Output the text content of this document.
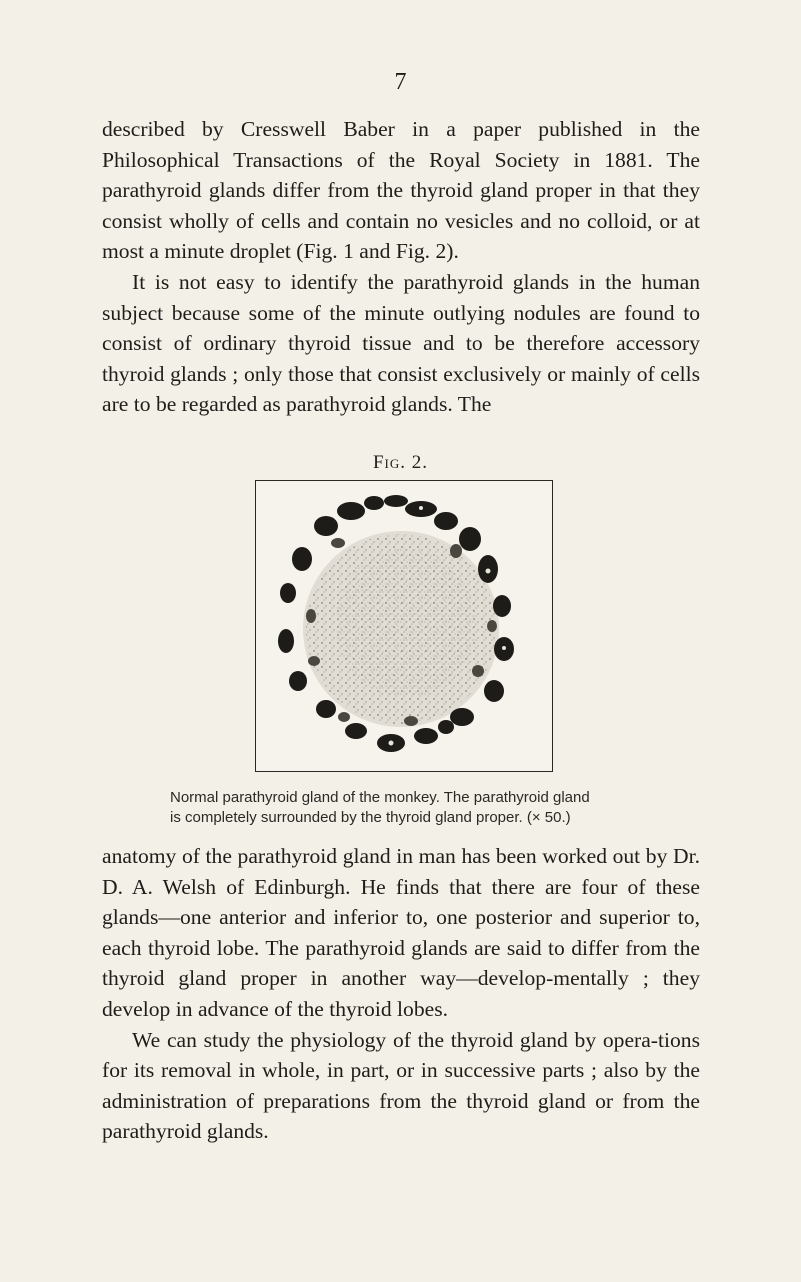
7

described by Cresswell Baber in a paper published in the Philosophical Transactions of the Royal Society in 1881. The parathyroid glands differ from the thyroid gland proper in that they consist wholly of cells and contain no vesicles and no colloid, or at most a minute droplet (Fig. 1 and Fig. 2).

It is not easy to identify the parathyroid glands in the human subject because some of the minute outlying nodules are found to consist of ordinary thyroid tissue and to be therefore accessory thyroid glands ; only those that consist exclusively or mainly of cells are to be regarded as parathyroid glands. The

Fig. 2.
Normal parathyroid gland of the monkey. The parathyroid gland
is completely surrounded by the thyroid gland proper. (× 50.)

anatomy of the parathyroid gland in man has been worked out by Dr. D. A. Welsh of Edinburgh. He finds that there are four of these glands—one anterior and inferior to, one posterior and superior to, each thyroid lobe. The parathyroid glands are said to differ from the thyroid gland proper in another way—develop-mentally ; they develop in advance of the thyroid lobes.

We can study the physiology of the thyroid gland by opera-tions for its removal in whole, in part, or in successive parts ; also by the administration of preparations from the thyroid gland or from the parathyroid glands.
